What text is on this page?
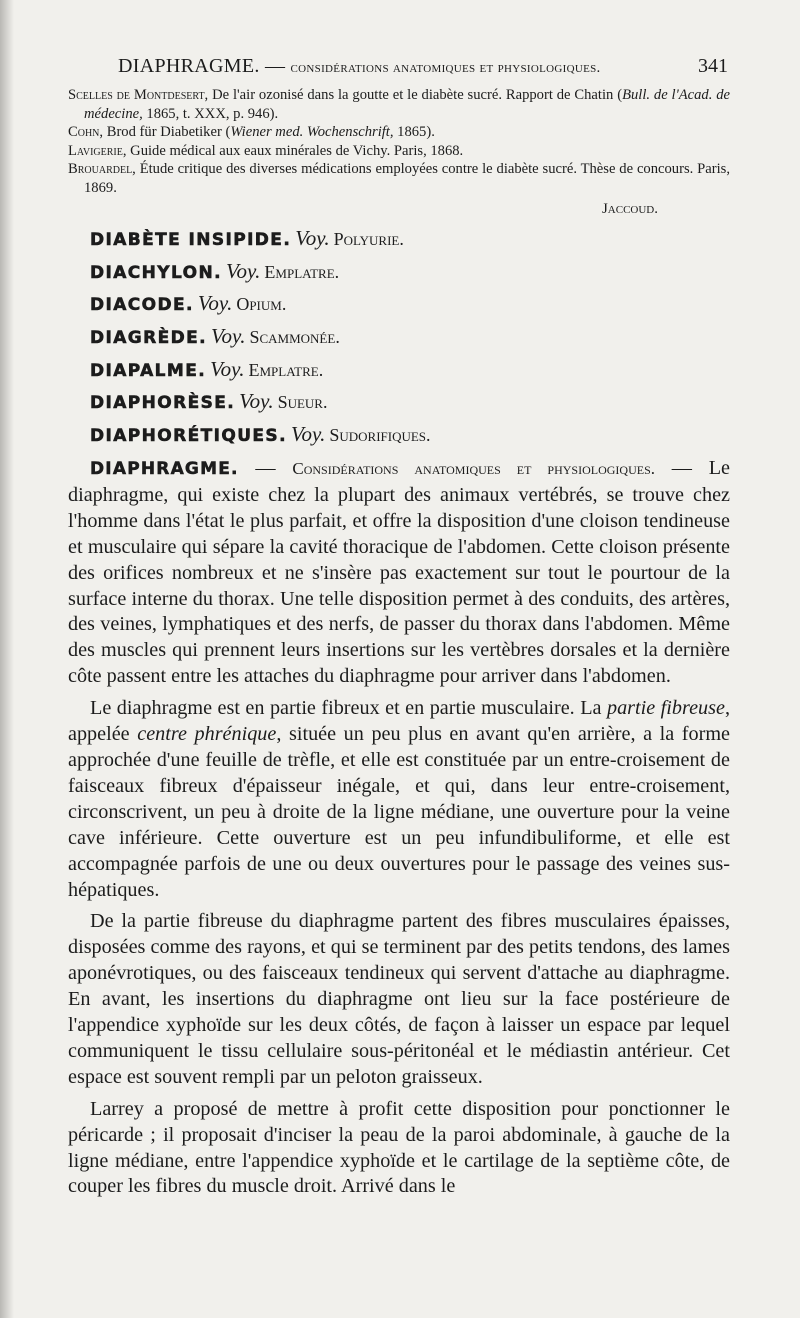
DIAPHRAGME. — considérations anatomiques et physiologiques.	341
Scelles de Montdesert, De l'air ozonisé dans la goutte et le diabète sucré. Rapport de Chatin (Bull. de l'Acad. de médecine, 1865, t. XXX, p. 946).
Cohn, Brod für Diabetiker (Wiener med. Wochenschrift, 1865).
Lavigerie, Guide médical aux eaux minérales de Vichy. Paris, 1868.
Brouardel, Étude critique des diverses médications employées contre le diabète sucré. Thèse de concours. Paris, 1869.
Jaccoud.
DIABÈTE INSIPIDE. Voy. Polyurie.
DIACHYLON. Voy. Emplatre.
DIACODE. Voy. Opium.
DIAGRÈDE. Voy. Scammonée.
DIAPALME. Voy. Emplatre.
DIAPHORÈSE. Voy. Sueur.
DIAPHORÉTIQUES. Voy. Sudorifiques.

DIAPHRAGME. — Considérations anatomiques et physiologiques. — Le diaphragme, qui existe chez la plupart des animaux vertébrés, se trouve chez l'homme dans l'état le plus parfait, et offre la disposition d'une cloison tendineuse et musculaire qui sépare la cavité thoracique de l'abdomen. Cette cloison présente des orifices nombreux et ne s'insère pas exactement sur tout le pourtour de la surface interne du thorax. Une telle disposition permet à des conduits, des artères, des veines, lymphatiques et des nerfs, de passer du thorax dans l'abdomen. Même des muscles qui prennent leurs insertions sur les vertèbres dorsales et la dernière côte passent entre les attaches du diaphragme pour arriver dans l'abdomen.

Le diaphragme est en partie fibreux et en partie musculaire. La partie fibreuse, appelée centre phrénique, située un peu plus en avant qu'en arrière, a la forme approchée d'une feuille de trèfle, et elle est constituée par un entre-croisement de faisceaux fibreux d'épaisseur inégale, et qui, dans leur entre-croisement, circonscrivent, un peu à droite de la ligne médiane, une ouverture pour la veine cave inférieure. Cette ouverture est un peu infundibuliforme, et elle est accompagnée parfois de une ou deux ouvertures pour le passage des veines sus-hépatiques.

De la partie fibreuse du diaphragme partent des fibres musculaires épaisses, disposées comme des rayons, et qui se terminent par des petits tendons, des lames aponévrotiques, ou des faisceaux tendineux qui servent d'attache au diaphragme. En avant, les insertions du diaphragme ont lieu sur la face postérieure de l'appendice xyphoïde sur les deux côtés, de façon à laisser un espace par lequel communiquent le tissu cellulaire sous-péritonéal et le médiastin antérieur. Cet espace est souvent rempli par un peloton graisseux.

Larrey a proposé de mettre à profit cette disposition pour ponctionner le péricarde ; il proposait d'inciser la peau de la paroi abdominale, à gauche de la ligne médiane, entre l'appendice xyphoïde et le cartilage de la septième côte, de couper les fibres du muscle droit. Arrivé dans le
